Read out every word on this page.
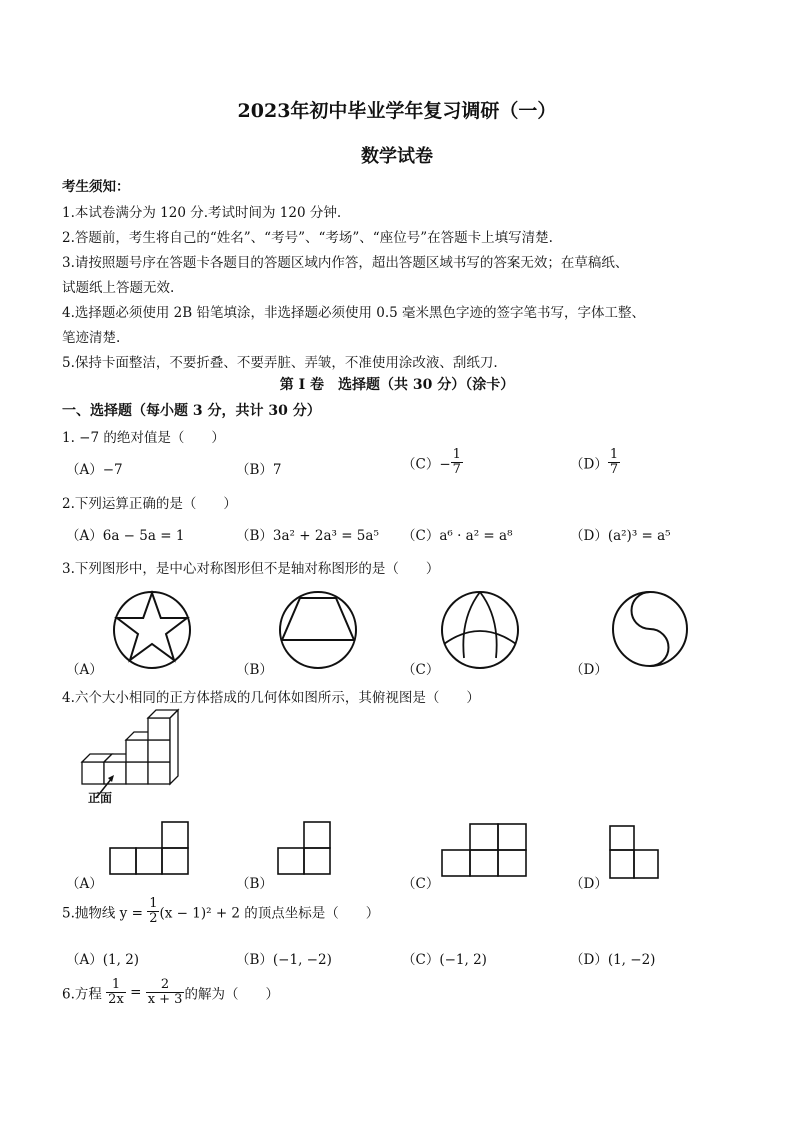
2023年初中毕业学年复习调研（一）
数学试卷
考生须知：
1.本试卷满分为 120 分.考试时间为 120 分钟.
2.答题前，考生将自己的“姓名”、“考号”、“考场”、“座位号”在答题卡上填写清楚.
3.请按照题号序在答题卡各题目的答题区域内作答，超出答题区域书写的答案无效；在草稿纸、
试题纸上答题无效.
4.选择题必须使用 2B 铅笔填涂，非选择题必须使用 0.5 毫米黑色字迹的签字笔书写，字体工整、
笔迹清楚.
5.保持卡面整洁，不要折叠、不要弄脏、弄皱，不准使用涂改液、刮纸刀.
第 I 卷　选择题（共 30 分）（涂卡）
一、选择题（每小题 3 分，共计 30 分）
1. −7 的绝对值是（　　）
（A）−7	（B）7	$(C)- \frac{1}{7}$	$(D) \frac{1}{7}$
2.下列运算正确的是（　　）
（A）6a − 5a = 1	（B）3a² + 2a³ = 5a⁵ （C）a⁶ · a² = a⁸	（D）(a²)³ = a⁵
3.下列图形中，是中心对称图形但不是轴对称图形的是（　　）
（A）	（B）	（C）	（D）
4.六个大小相同的正方体搭成的几何体如图所示，其俯视图是（　　）
正面
（A）	（B）	（C）	（D）
5.抛物线 $y = \frac{1}{2} (x - 1)^2 + 2$ 的顶点坐标是（　　）
（A）(1, 2)	（B）(−1, −2)	（C）(−1, 2)	（D）(1, −2)
6.方程 $\frac{1}{2x} = \frac{2}{x + 3}$ 的解为（　　）
